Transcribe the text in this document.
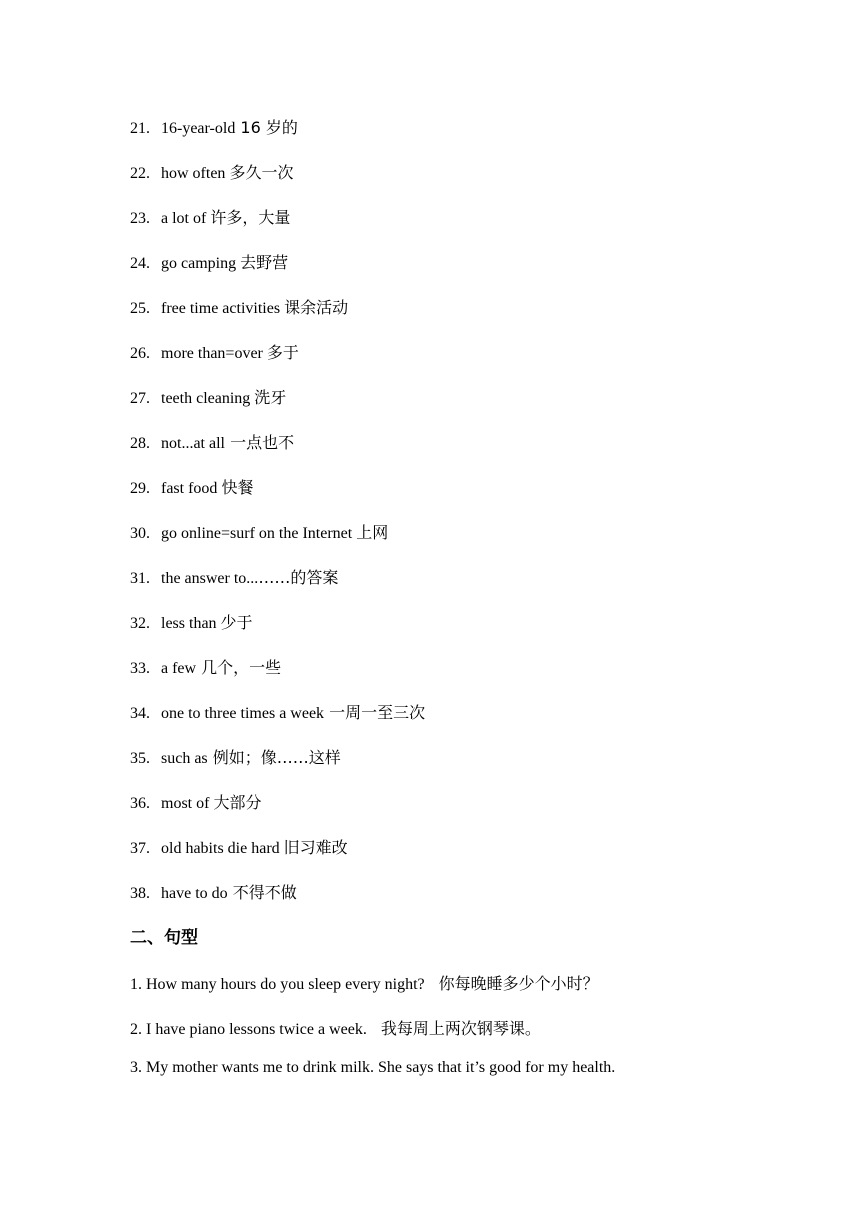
21. 16-year-old 16 岁的
22. how often 多久一次
23. a lot of 许多，大量
24. go camping 去野营
25. free time activities 课余活动
26. more than=over 多于
27. teeth cleaning 洗牙
28. not...at all 一点也不
29. fast food 快餐
30. go online=surf on the Internet 上网
31. the answer to...……的答案
32. less than 少于
33. a few 几个，一些
34. one to three times a week 一周一至三次
35. such as 例如；像……这样
36. most of 大部分
37. old habits die hard 旧习难改
38. have to do 不得不做
二、句型
1. How many hours do you sleep every night? 你每晚睡多少个小时？
2. I have piano lessons twice a week. 我每周上两次钢琴课。
3. My mother wants me to drink milk. She says that it’s good for my health.
